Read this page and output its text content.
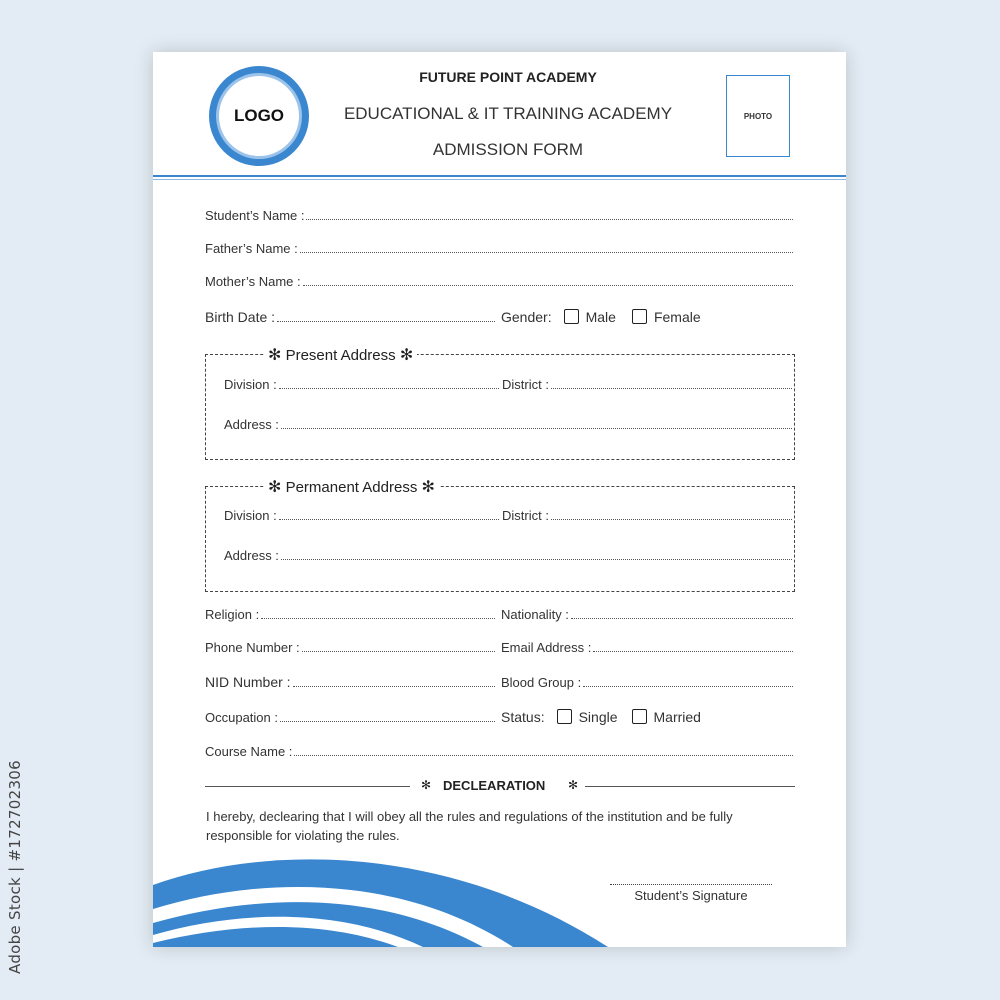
Adobe Stock | #172702306
LOGO
FUTURE POINT ACADEMY
EDUCATIONAL & IT TRAINING ACADEMY
ADMISSION FORM
PHOTO
Student’s Name :
Father’s Name :
Mother’s Name :
Birth Date :	Gender: Male	Female
✻ Present Address ✻
Division :	District :
Address :
✻ Permanent Address ✻
Division :	District :
Address :
Religion :	Nationality :
Phone Number :	Email Address :
NID Number :	Blood Group :
Occupation :	Status: Single	Married
Course Name :
✻ DECLEARATION ✻
I hereby, declearing that I will obey all the rules and regulations of the institution and be fully responsible for violating the rules.
Student’s Signature
